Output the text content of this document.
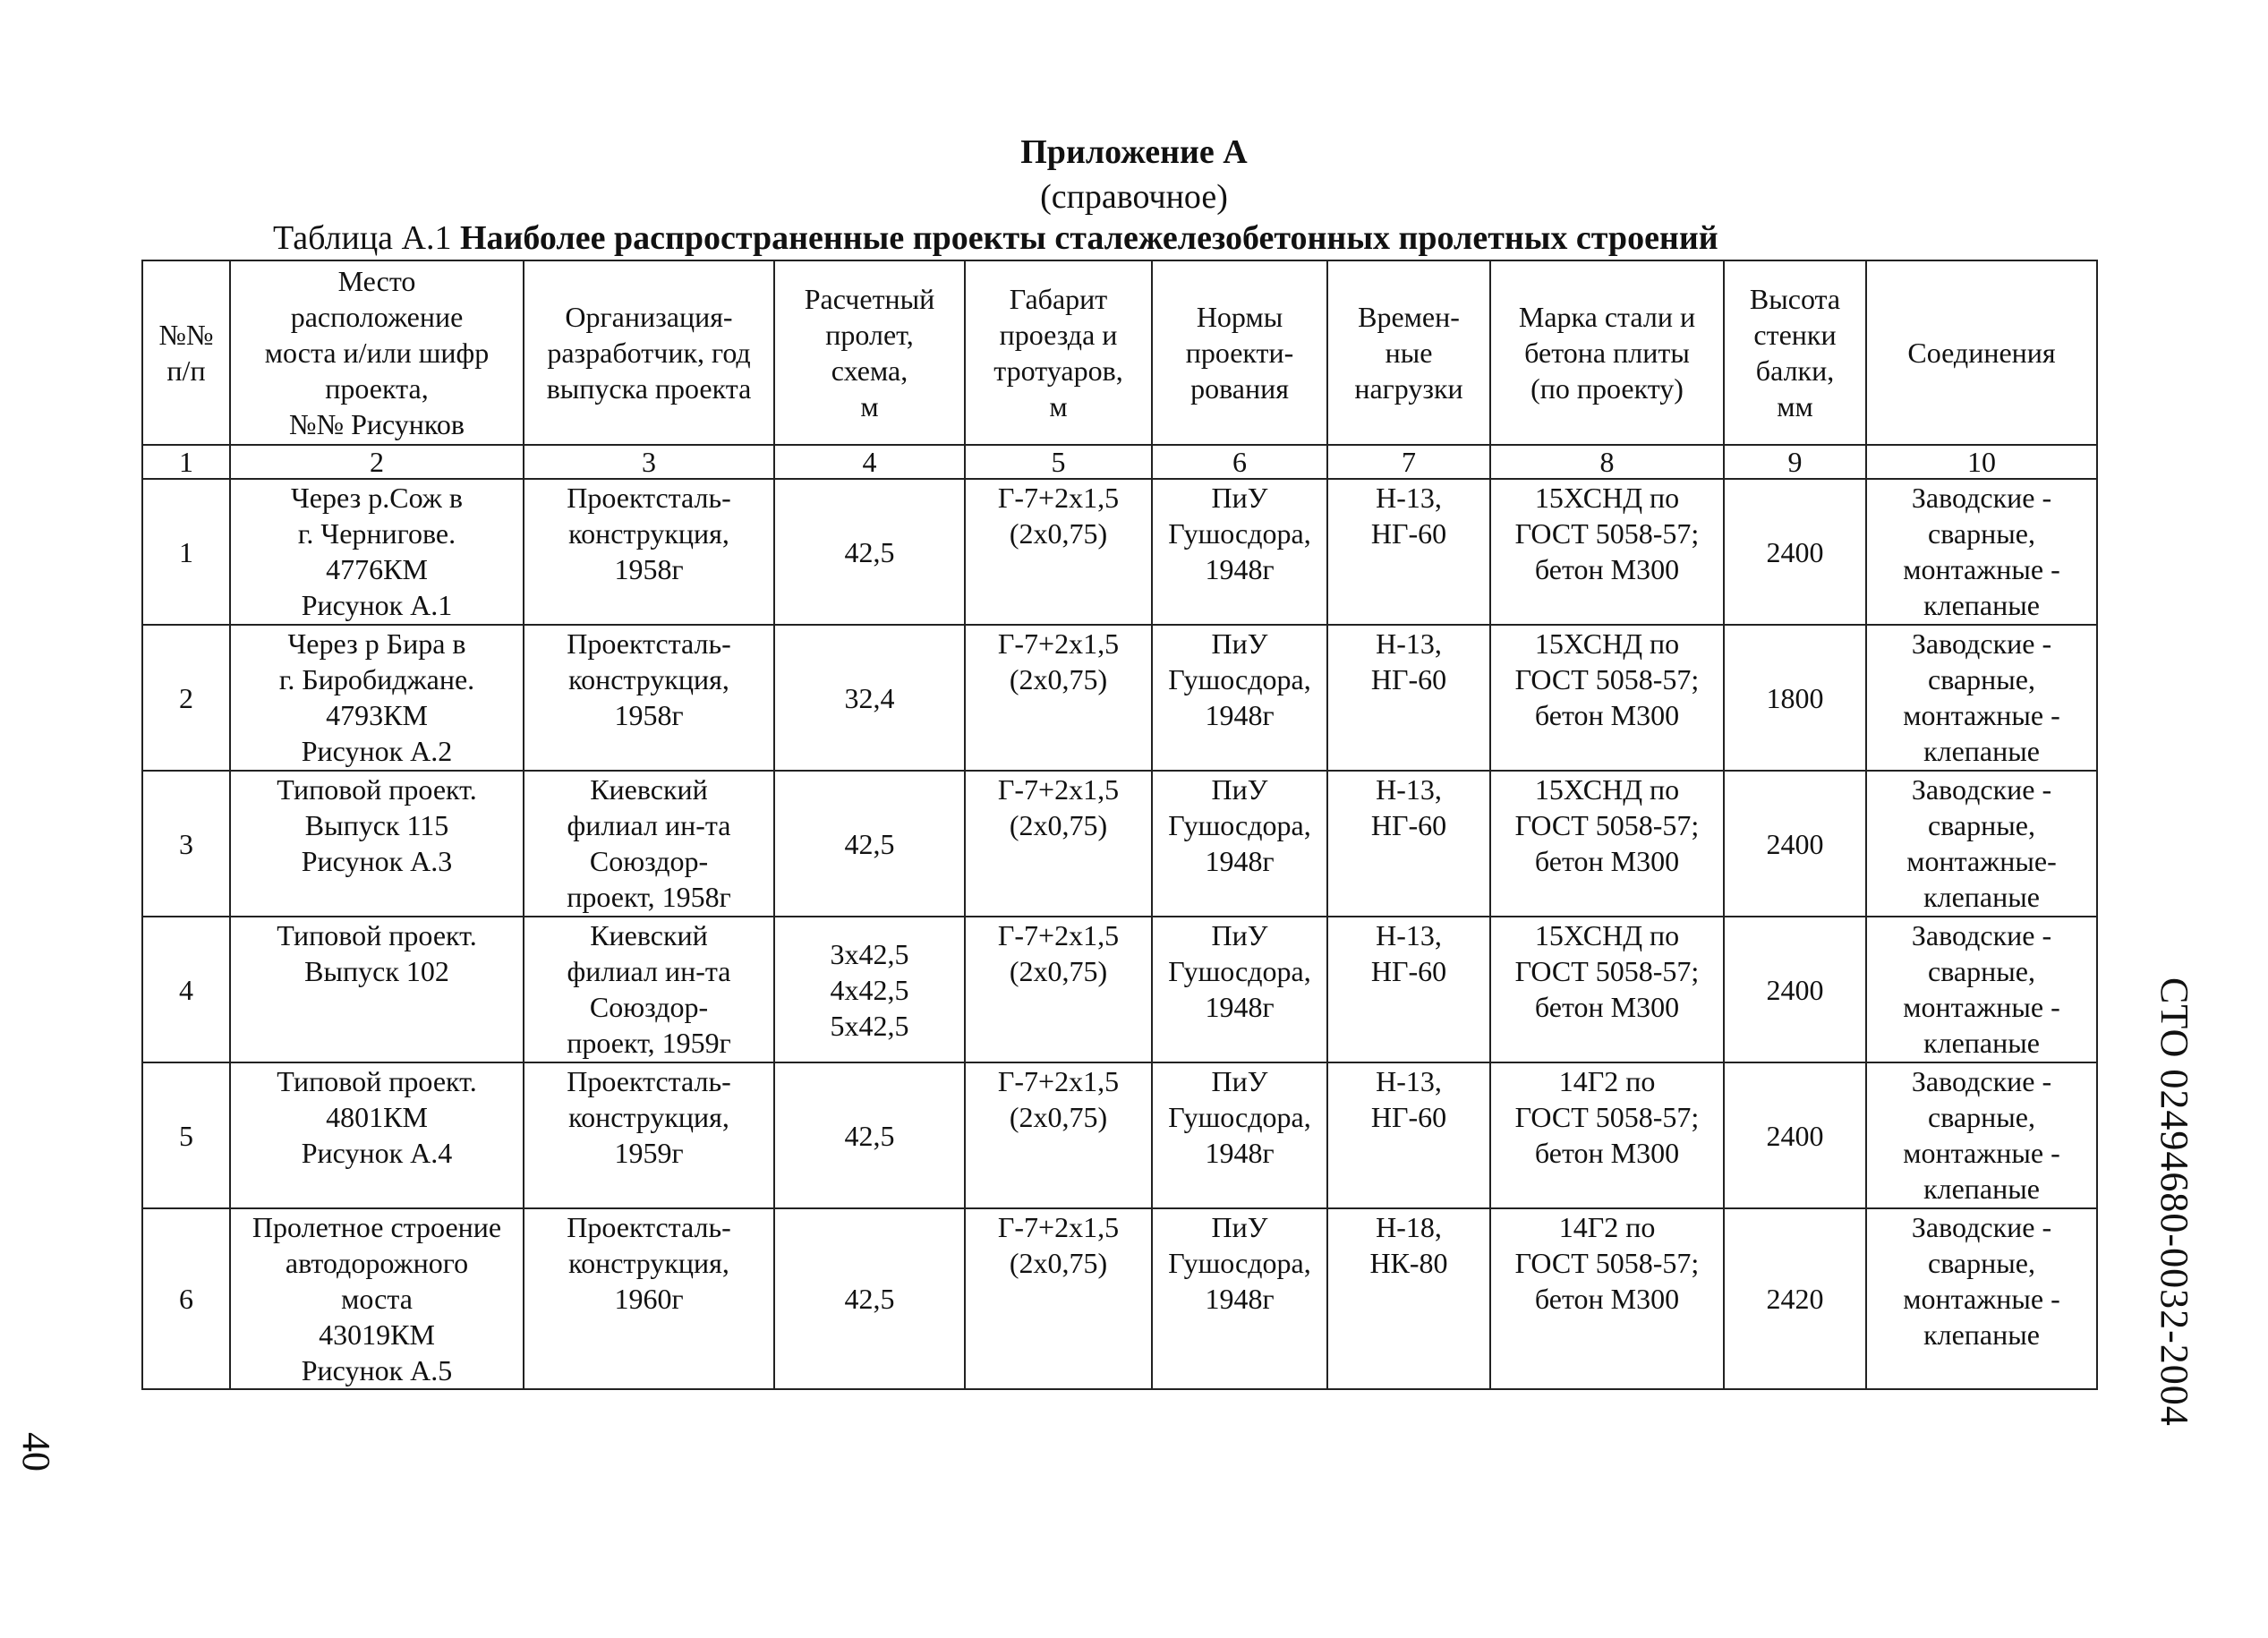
Приложение А
(справочное)
Таблица А.1 Наиболее распространенные проекты сталежелезобетонных пролетных строений
№№
п/п	Место
расположение
моста и/или шифр
проекта,
№№ Рисунков	Организация-
разработчик, год
выпуска проекта	Расчетный
пролет,
схема,
м	Габарит
проезда и
тротуаров,
м	Нормы
проекти-
рования	Времен-
ные
нагрузки	Марка стали и
бетона плиты
(по проекту)	Высота
стенки
балки,
мм	Соединения

1	2	3	4	5	6	7	8	9	10
1	Через р.Сож в
г. Чернигове.
4776КМ
Рисунок А.1	Проектсталь-
конструкция,
1958г	42,5	Г-7+2х1,5
(2х0,75)	ПиУ
Гушосдора,
1948г	Н-13,
НГ-60	15ХСНД по
ГОСТ 5058-57;
бетон М300	2400	Заводские -
сварные,
монтажные -
клепаные

2	Через р Бира в
г. Биробиджане.
4793КМ
Рисунок А.2	Проектсталь-
конструкция,
1958г	32,4	Г-7+2х1,5
(2х0,75)	ПиУ
Гушосдора,
1948г	Н-13,
НГ-60	15ХСНД по
ГОСТ 5058-57;
бетон М300	1800	Заводские -
сварные,
монтажные -
клепаные

3	Типовой проект.
Выпуск 115
Рисунок А.3	Киевский
филиал ин-та
Союздор-
проект, 1958г	42,5	Г-7+2х1,5
(2х0,75)	ПиУ
Гушосдора,
1948г	Н-13,
НГ-60	15ХСНД по
ГОСТ 5058-57;
бетон М300	2400	Заводские -
сварные,
монтажные-
клепаные

4	Типовой проект.
Выпуск 102	Киевский
филиал ин-та
Союздор-
проект, 1959г	3х42,5
4х42,5
5х42,5	Г-7+2х1,5
(2х0,75)	ПиУ
Гушосдора,
1948г	Н-13,
НГ-60	15ХСНД по
ГОСТ 5058-57;
бетон М300	2400	Заводские -
сварные,
монтажные -
клепаные

5	Типовой проект.
4801КМ
Рисунок А.4	Проектсталь-
конструкция,
1959г	42,5	Г-7+2х1,5
(2х0,75)	ПиУ
Гушосдора,
1948г	Н-13,
НГ-60	14Г2 по
ГОСТ 5058-57;
бетон М300	2400	Заводские -
сварные,
монтажные -
клепаные

6	Пролетное строение
автодорожного
моста
43019КМ
Рисунок А.5	Проектсталь-
конструкция,
1960г	42,5	Г-7+2х1,5
(2х0,75)	ПиУ
Гушосдора,
1948г	Н-18,
НК-80	14Г2 по
ГОСТ 5058-57;
бетон М300	2420	Заводские -
сварные,
монтажные -
клепаные	СТО 02494680-0032-2004
40
